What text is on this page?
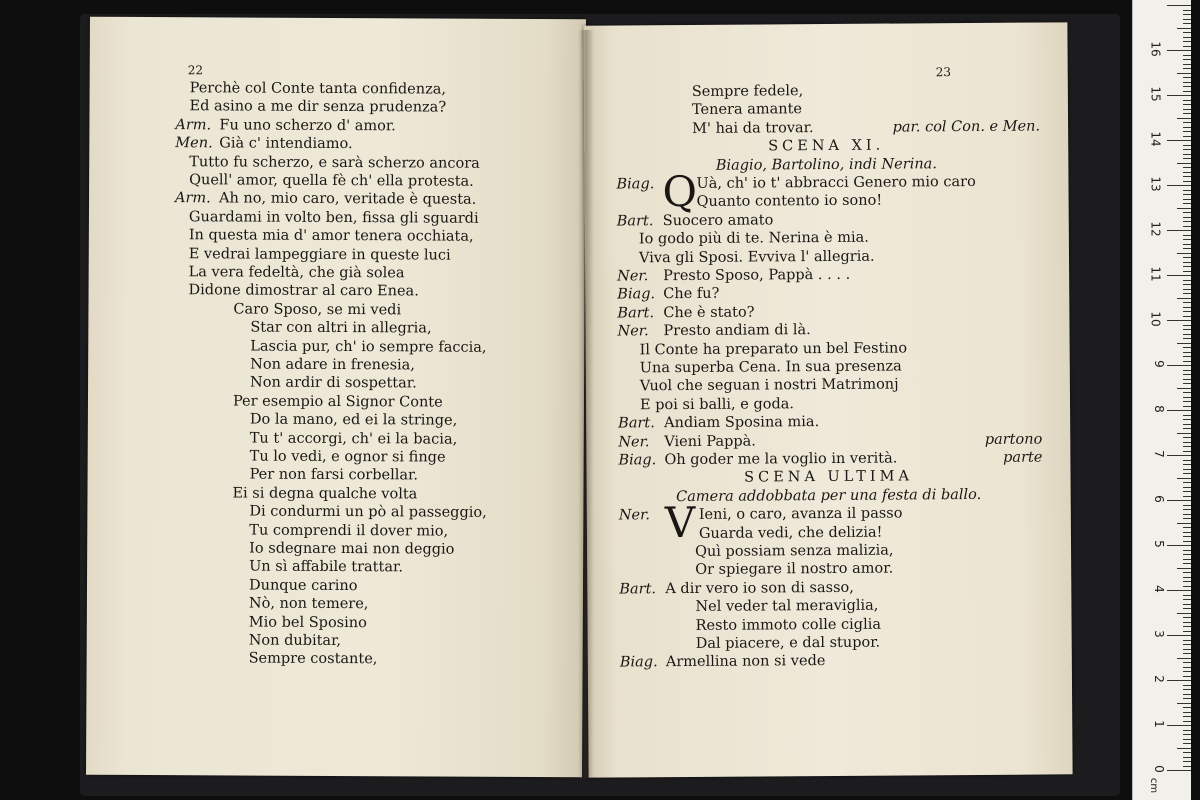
22
Perchè col Conte tanta confidenza,
Ed asino a me dir senza prudenza?
Arm. Fu uno scherzo d' amor.
Men. Già c' intendiamo.
Tutto fu scherzo, e sarà scherzo ancora
Quell' amor, quella fè ch' ella protesta.
Arm. Ah no, mio caro, veritade è questa.
Guardami in volto ben, fissa gli sguardi
In questa mia d' amor tenera occhiata,
E vedrai lampeggiare in queste luci
La vera fedeltà, che già solea
Didone dimostrar al caro Enea.
Caro Sposo, se mi vedi
Star con altri in allegria,
Lascia pur, ch' io sempre faccia,
Non adare in frenesia,
Non ardir di sospettar.
Per esempio al Signor Conte
Do la mano, ed ei la stringe,
Tu t' accorgi, ch' ei la bacia,
Tu lo vedi, e ognor si finge
Per non farsi corbellar.
Ei si degna qualche volta
Di condurmi un pò al passeggio,
Tu comprendi il dover mio,
Io sdegnare mai non deggio
Un sì affabile trattar.
Dunque carino
Nò, non temere,
Mio bel Sposino
Non dubitar,
Sempre costante,
23
Sempre fedele,
Tenera amante
M' hai da trovar.	par. col Con. e Men.
SCENA XI.
Biagio, Bartolino, indi Nerina.
Biag. Q Uà, ch' io t' abbracci Genero mio caro
Quanto contento io sono!
Bart. Suocero amato
Io godo più di te. Nerina è mia.
Viva gli Sposi. Evviva l' allegria.
Ner. Presto Sposo, Pappà . . . .
Biag. Che fu?
Bart. Che è stato?
Ner. Presto andiam di là.
Il Conte ha preparato un bel Festino
Una superba Cena. In sua presenza
Vuol che seguan i nostri Matrimonj
E poi si balli, e goda.
Bart. Andiam Sposina mia.
Ner. Vieni Pappà.	partono
Biag. Oh goder me la voglio in verità.	parte
SCENA ULTIMA
Camera addobbata per una festa di ballo.
Ner. V Ieni, o caro, avanza il passo
Guarda vedi, che delizia!
Quì possiam senza malizia,
Or spiegare il nostro amor.
Bart. A dir vero io son di sasso,
Nel veder tal meraviglia,
Resto immoto colle ciglia
Dal piacere, e dal stupor.
Biag. Armellina non si vede
0
1
2
3
4
5
6
7
8
9
10
11
12
13
14
15
16
cm
